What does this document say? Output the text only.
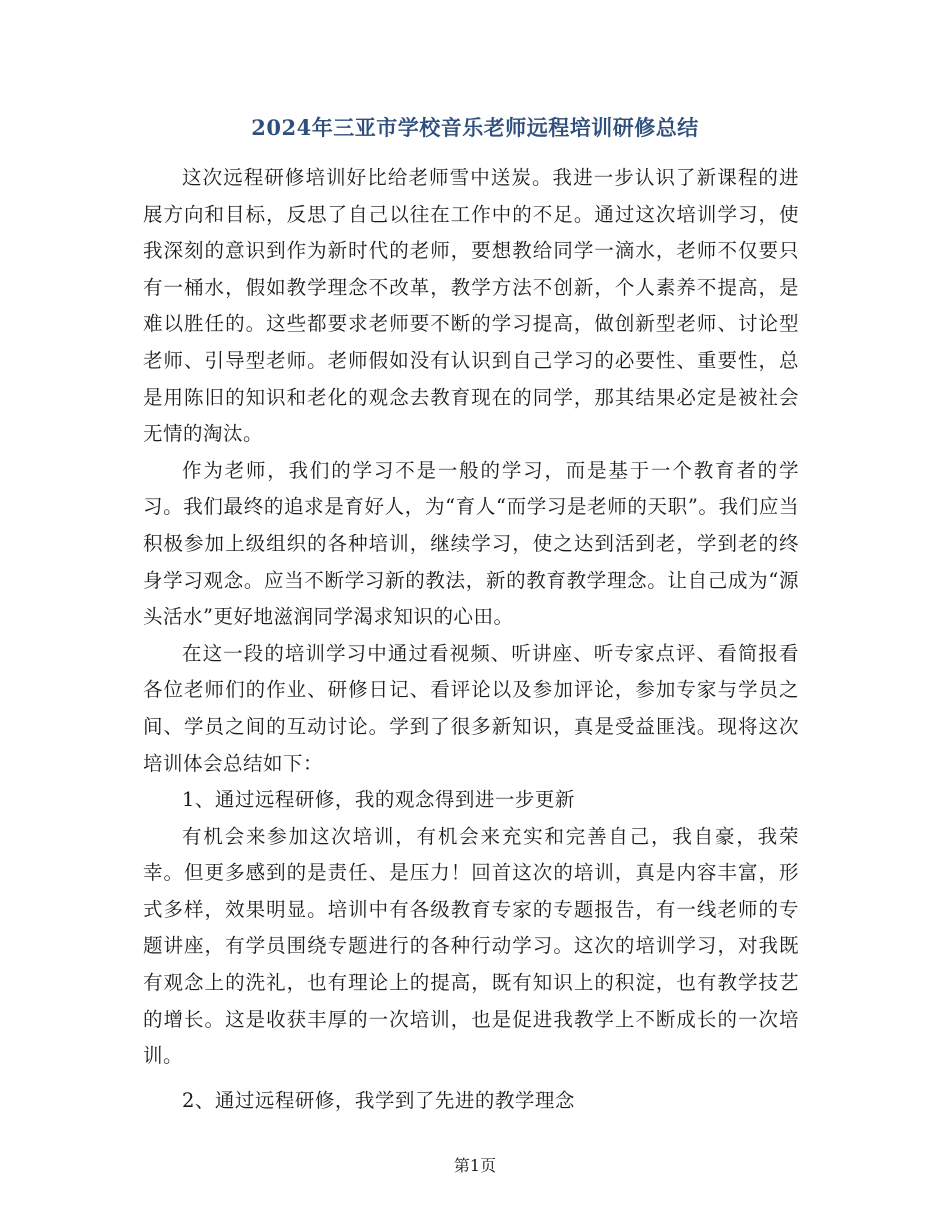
2024年三亚市学校音乐老师远程培训研修总结

这次远程研修培训好比给老师雪中送炭。我进一步认识了新课程的进展方向和目标，反思了自己以往在工作中的不足。通过这次培训学习，使我深刻的意识到作为新时代的老师，要想教给同学一滴水，老师不仅要只有一桶水，假如教学理念不改革，教学方法不创新，个人素养不提高，是难以胜任的。这些都要求老师要不断的学习提高，做创新型老师、讨论型老师、引导型老师。老师假如没有认识到自己学习的必要性、重要性，总是用陈旧的知识和老化的观念去教育现在的同学，那其结果必定是被社会无情的淘汰。

作为老师，我们的学习不是一般的学习，而是基于一个教育者的学习。我们最终的追求是育好人，为“育人“而学习是老师的天职”。我们应当积极参加上级组织的各种培训，继续学习，使之达到活到老，学到老的终身学习观念。应当不断学习新的教法，新的教育教学理念。让自己成为“源头活水”更好地滋润同学渴求知识的心田。

在这一段的培训学习中通过看视频、听讲座、听专家点评、看简报看各位老师们的作业、研修日记、看评论以及参加评论，参加专家与学员之间、学员之间的互动讨论。学到了很多新知识，真是受益匪浅。现将这次培训体会总结如下：

1、通过远程研修，我的观念得到进一步更新

有机会来参加这次培训，有机会来充实和完善自己，我自豪，我荣幸。但更多感到的是责任、是压力！回首这次的培训，真是内容丰富，形式多样，效果明显。培训中有各级教育专家的专题报告，有一线老师的专题讲座，有学员围绕专题进行的各种行动学习。这次的培训学习，对我既有观念上的洗礼，也有理论上的提高，既有知识上的积淀，也有教学技艺的增长。这是收获丰厚的一次培训，也是促进我教学上不断成长的一次培训。

2、通过远程研修，我学到了先进的教学理念

第1页
